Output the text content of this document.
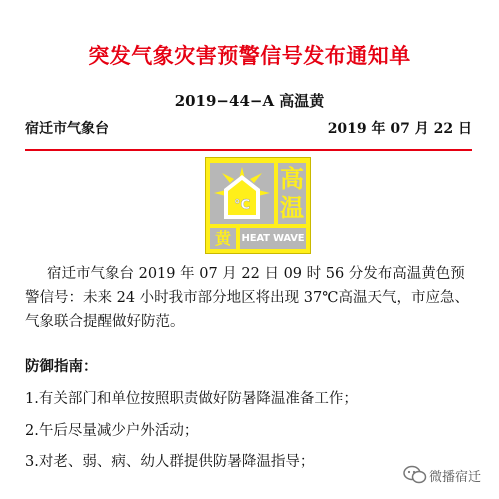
突发气象灾害预警信号发布通知单
2019−44−A 高温黄
宿迁市气象台	2019 年 07 月 22 日
°C
高
温
黄	HEAT WAVE
宿迁市气象台 2019 年 07 月 22 日 09 时 56 分发布高温黄色预警信号：未来 24 小时我市部分地区将出现 37℃高温天气，市应急、气象联合提醒做好防范。
防御指南：
1.有关部门和单位按照职责做好防暑降温准备工作；
2.午后尽量减少户外活动；
3.对老、弱、病、幼人群提供防暑降温指导；
微播宿迁
